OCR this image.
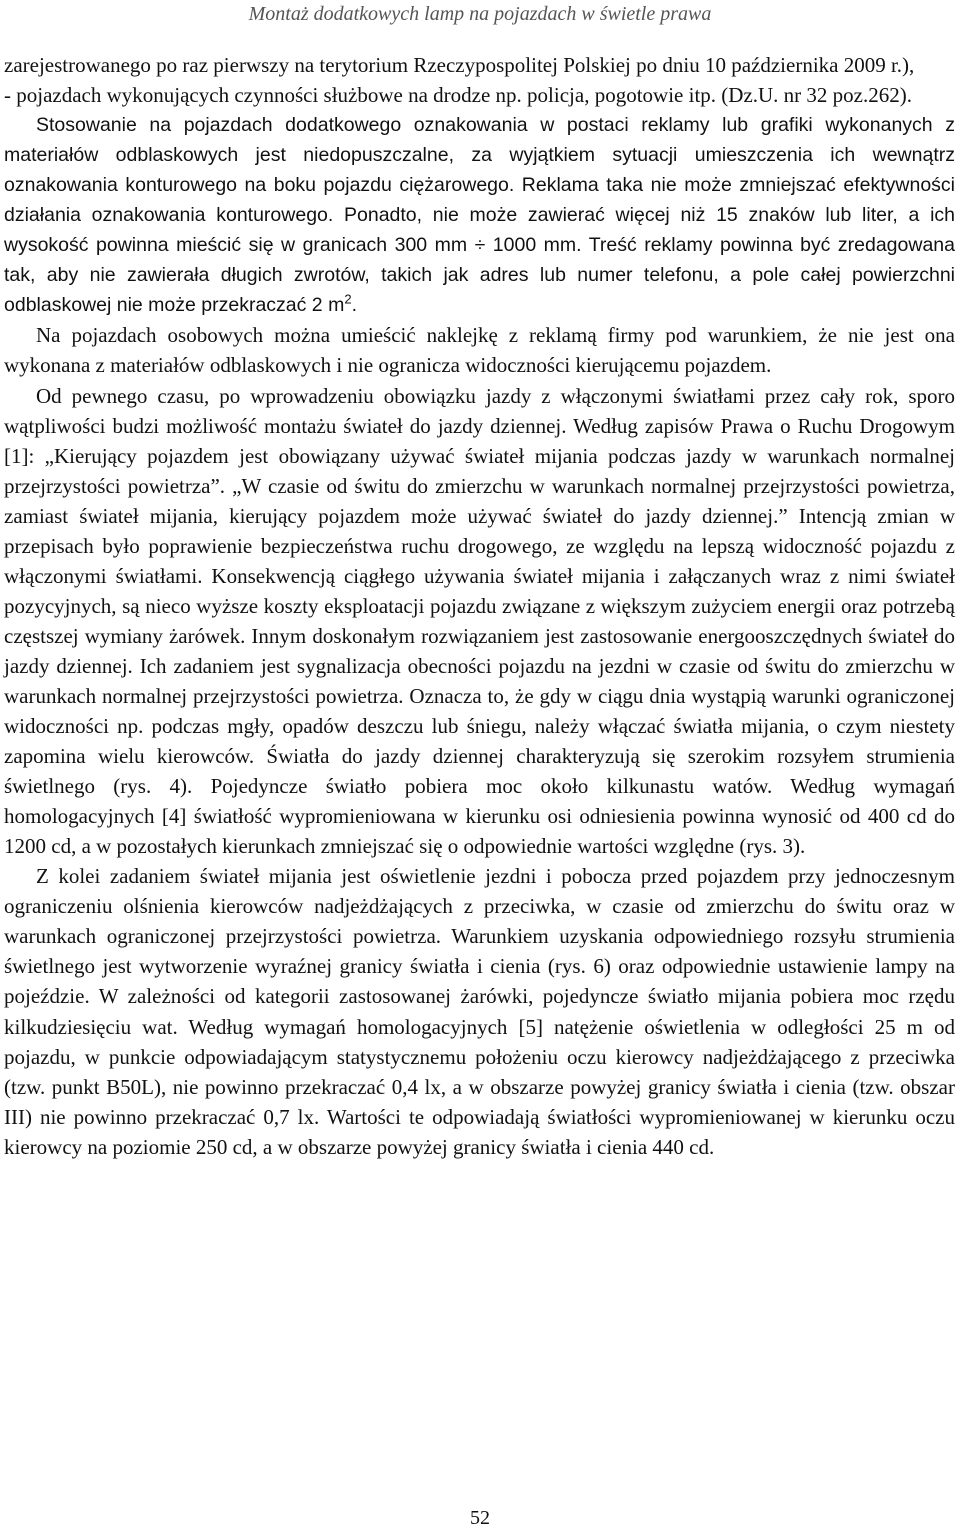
Montaż dodatkowych lamp na pojazdach w świetle prawa

zarejestrowanego po raz pierwszy na terytorium Rzeczypospolitej Polskiej po dniu 10 października 2009 r.),

- pojazdach wykonujących czynności służbowe na drodze np. policja, pogotowie itp. (Dz.U. nr 32 poz.262).

Stosowanie na pojazdach dodatkowego oznakowania w postaci reklamy lub grafiki wykonanych z materiałów odblaskowych jest niedopuszczalne, za wyjątkiem sytuacji umieszczenia ich wewnątrz oznakowania konturowego na boku pojazdu ciężarowego. Reklama taka nie może zmniejszać efektywności działania oznakowania konturowego. Ponadto, nie może zawierać więcej niż 15 znaków lub liter, a ich wysokość powinna mieścić się w granicach 300 mm ÷ 1000 mm. Treść reklamy powinna być zredagowana tak, aby nie zawierała długich zwrotów, takich jak adres lub numer telefonu, a pole całej powierzchni odblaskowej nie może przekraczać 2 $m^2$.

Na pojazdach osobowych można umieścić naklejkę z reklamą firmy pod warunkiem, że nie jest ona wykonana z materiałów odblaskowych i nie ogranicza widoczności kierującemu pojazdem.

Od pewnego czasu, po wprowadzeniu obowiązku jazdy z włączonymi światłami przez cały rok, sporo wątpliwości budzi możliwość montażu świateł do jazdy dziennej. Według zapisów Prawa o Ruchu Drogowym [1]: „Kierujący pojazdem jest obowiązany używać świateł mijania podczas jazdy w warunkach normalnej przejrzystości powietrza”. „W czasie od świtu do zmierzchu w warunkach normalnej przejrzystości powietrza, zamiast świateł mijania, kierujący pojazdem może używać świateł do jazdy dziennej.” Intencją zmian w przepisach było poprawienie bezpieczeństwa ruchu drogowego, ze względu na lepszą widoczność pojazdu z włączonymi światłami. Konsekwencją ciągłego używania świateł mijania i załączanych wraz z nimi świateł pozycyjnych, są nieco wyższe koszty eksploatacji pojazdu związane z większym zużyciem energii oraz potrzebą częstszej wymiany żarówek. Innym doskonałym rozwiązaniem jest zastosowanie energooszczędnych świateł do jazdy dziennej. Ich zadaniem jest sygnalizacja obecności pojazdu na jezdni w czasie od świtu do zmierzchu w warunkach normalnej przejrzystości powietrza. Oznacza to, że gdy w ciągu dnia wystąpią warunki ograniczonej widoczności np. podczas mgły, opadów deszczu lub śniegu, należy włączać światła mijania, o czym niestety zapomina wielu kierowców. Światła do jazdy dziennej charakteryzują się szerokim rozsyłem strumienia świetlnego (rys. 4). Pojedyncze światło pobiera moc około kilkunastu watów. Według wymagań homologacyjnych [4] światłość wypromieniowana w kierunku osi odniesienia powinna wynosić od 400 cd do 1200 cd, a w pozostałych kierunkach zmniejszać się o odpowiednie wartości względne (rys. 3).

Z kolei zadaniem świateł mijania jest oświetlenie jezdni i pobocza przed pojazdem przy jednoczesnym ograniczeniu olśnienia kierowców nadjeżdżających z przeciwka, w czasie od zmierzchu do świtu oraz w warunkach ograniczonej przejrzystości powietrza. Warunkiem uzyskania odpowiedniego rozsyłu strumienia świetlnego jest wytworzenie wyraźnej granicy światła i cienia (rys. 6) oraz odpowiednie ustawienie lampy na pojeździe. W zależności od kategorii zastosowanej żarówki, pojedyncze światło mijania pobiera moc rzędu kilkudziesięciu wat. Według wymagań homologacyjnych [5] natężenie oświetlenia w odległości 25 m od pojazdu, w punkcie odpowiadającym statystycznemu położeniu oczu kierowcy nadjeżdżającego z przeciwka (tzw. punkt B50L), nie powinno przekraczać 0,4 lx, a w obszarze powyżej granicy światła i cienia (tzw. obszar III) nie powinno przekraczać 0,7 lx. Wartości te odpowiadają światłości wypromieniowanej w kierunku oczu kierowcy na poziomie 250 cd, a w obszarze powyżej granicy światła i cienia 440 cd.

52
